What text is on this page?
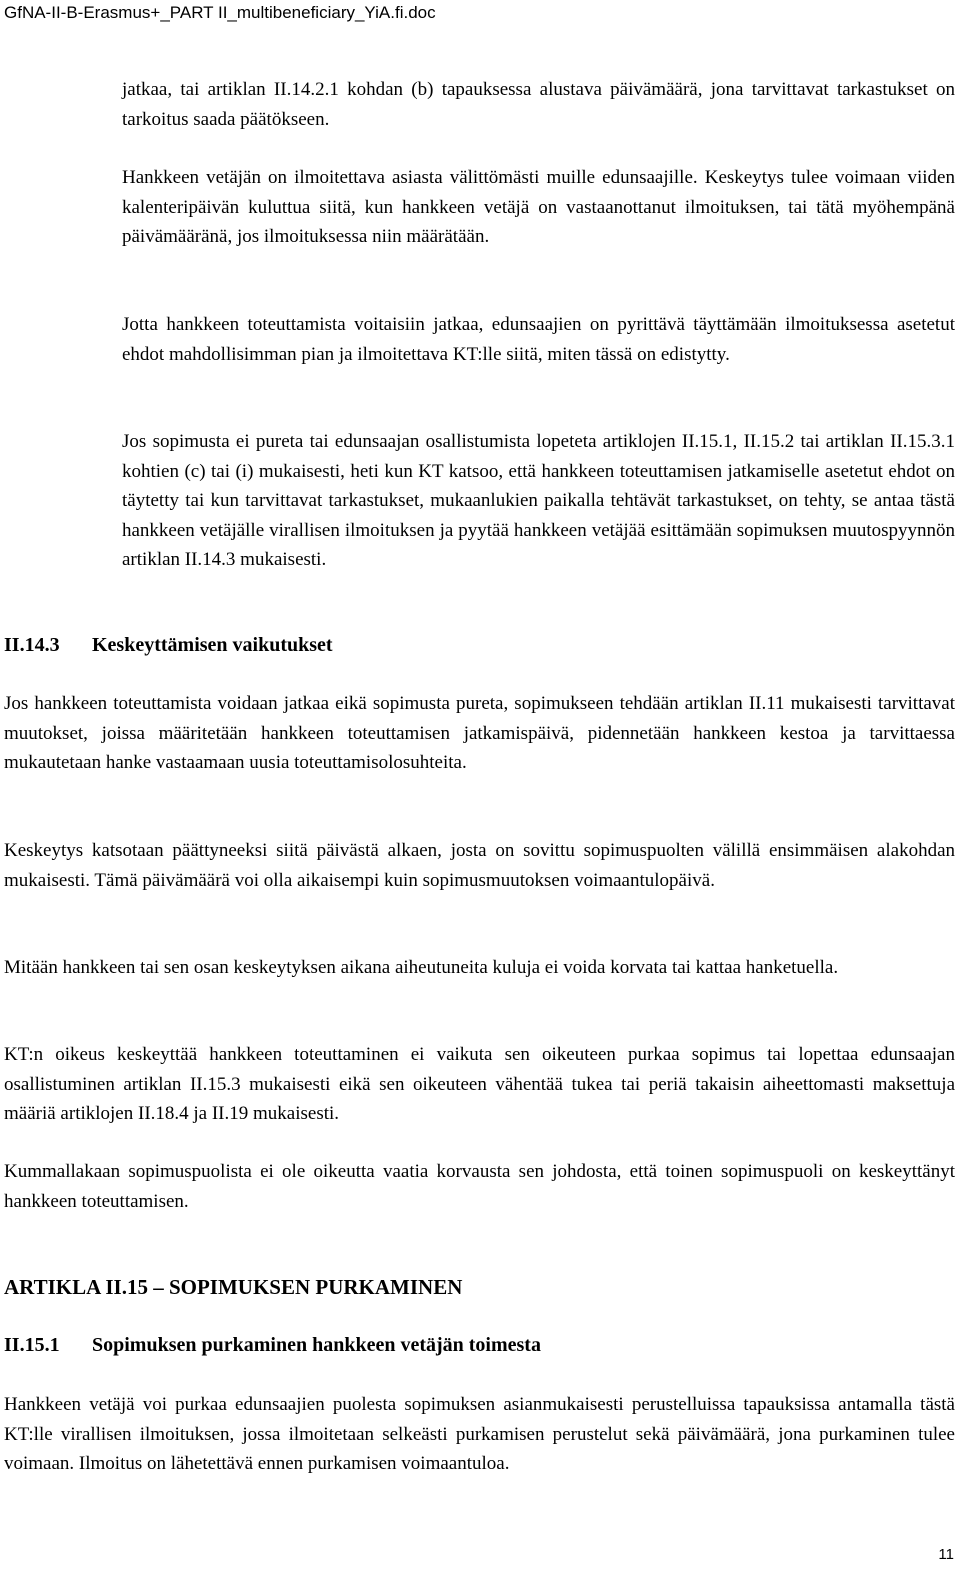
GfNA-II-B-Erasmus+_PART II_multibeneficiary_YiA.fi.doc

jatkaa, tai artiklan II.14.2.1 kohdan (b) tapauksessa alustava päivämäärä, jona tarvittavat tarkastukset on tarkoitus saada päätökseen.

Hankkeen vetäjän on ilmoitettava asiasta välittömästi muille edunsaajille. Keskeytys tulee voimaan viiden kalenteripäivän kuluttua siitä, kun hankkeen vetäjä on vastaanottanut ilmoituksen, tai tätä myöhempänä päivämääränä, jos ilmoituksessa niin määrätään.

Jotta hankkeen toteuttamista voitaisiin jatkaa, edunsaajien on pyrittävä täyttämään ilmoituksessa asetetut ehdot mahdollisimman pian ja ilmoitettava KT:lle siitä, miten tässä on edistytty.

Jos sopimusta ei pureta tai edunsaajan osallistumista lopeteta artiklojen II.15.1, II.15.2 tai artiklan II.15.3.1 kohtien (c) tai (i) mukaisesti, heti kun KT katsoo, että hankkeen toteuttamisen jatkamiselle asetetut ehdot on täytetty tai kun tarvittavat tarkastukset, mukaanlukien paikalla tehtävät tarkastukset, on tehty, se antaa tästä hankkeen vetäjälle virallisen ilmoituksen ja pyytää hankkeen vetäjää esittämään sopimuksen muutospyynnön artiklan II.14.3 mukaisesti.

II.14.3 Keskeyttämisen vaikutukset

Jos hankkeen toteuttamista voidaan jatkaa eikä sopimusta pureta, sopimukseen tehdään artiklan II.11 mukaisesti tarvittavat muutokset, joissa määritetään hankkeen toteuttamisen jatkamispäivä, pidennetään hankkeen kestoa ja tarvittaessa mukautetaan hanke vastaamaan uusia toteuttamisolosuhteita.

Keskeytys katsotaan päättyneeksi siitä päivästä alkaen, josta on sovittu sopimuspuolten välillä ensimmäisen alakohdan mukaisesti. Tämä päivämäärä voi olla aikaisempi kuin sopimusmuutoksen voimaantulopäivä.

Mitään hankkeen tai sen osan keskeytyksen aikana aiheutuneita kuluja ei voida korvata tai kattaa hanketuella.

KT:n oikeus keskeyttää hankkeen toteuttaminen ei vaikuta sen oikeuteen purkaa sopimus tai lopettaa edunsaajan osallistuminen artiklan II.15.3 mukaisesti eikä sen oikeuteen vähentää tukea tai periä takaisin aiheettomasti maksettuja määriä artiklojen II.18.4 ja II.19 mukaisesti.

Kummallakaan sopimuspuolista ei ole oikeutta vaatia korvausta sen johdosta, että toinen sopimuspuoli on keskeyttänyt hankkeen toteuttamisen.

ARTIKLA II.15 – SOPIMUKSEN PURKAMINEN
II.15.1 Sopimuksen purkaminen hankkeen vetäjän toimesta

Hankkeen vetäjä voi purkaa edunsaajien puolesta sopimuksen asianmukaisesti perustelluissa tapauksissa antamalla tästä KT:lle virallisen ilmoituksen, jossa ilmoitetaan selkeästi purkamisen perustelut sekä päivämäärä, jona purkaminen tulee voimaan. Ilmoitus on lähetettävä ennen purkamisen voimaantuloa.

11
